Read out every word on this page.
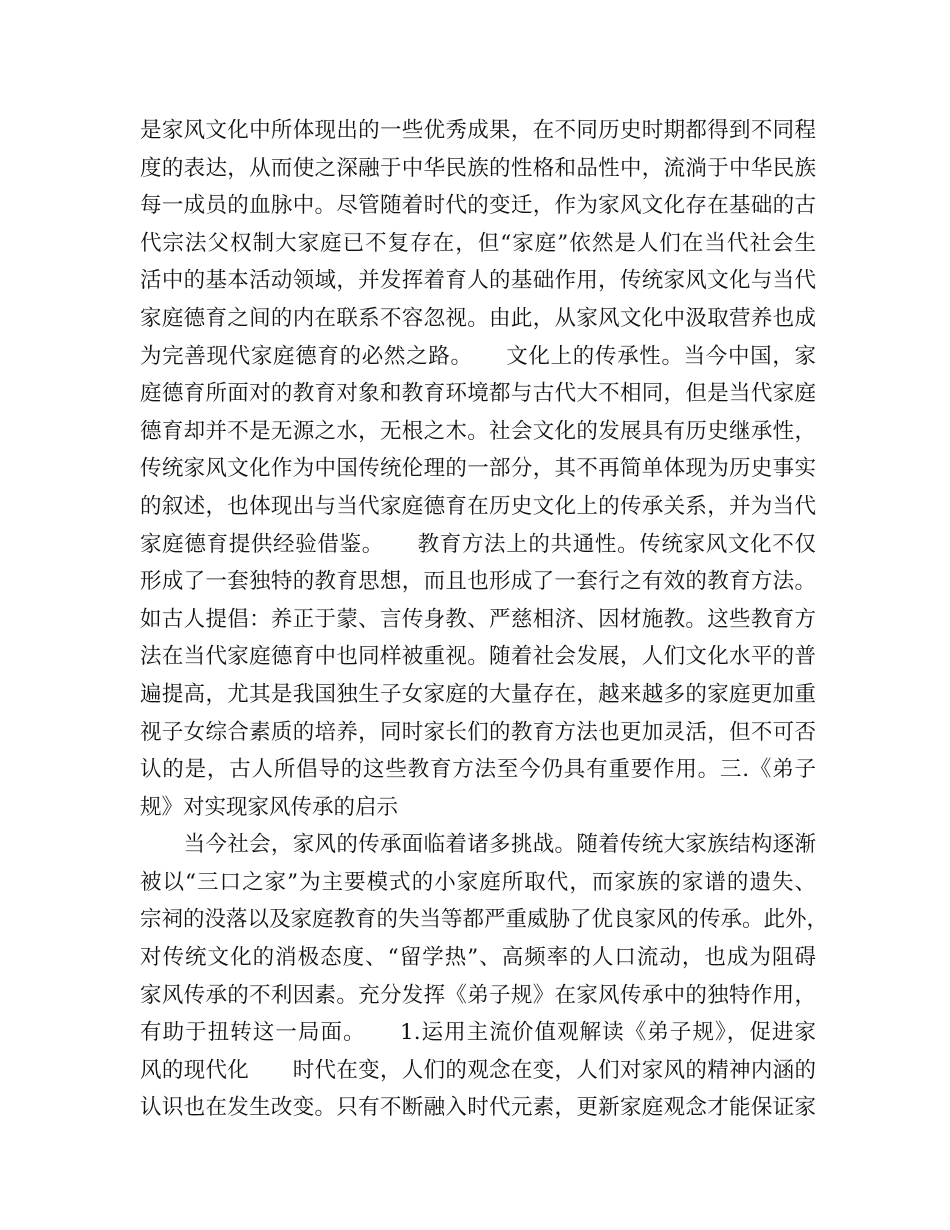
是家风文化中所体现出的一些优秀成果，在不同历史时期都得到不同程
度的表达，从而使之深融于中华民族的性格和品性中，流淌于中华民族
每一成员的血脉中。尽管随着时代的变迁，作为家风文化存在基础的古
代宗法父权制大家庭已不复存在，但“家庭”依然是人们在当代社会生
活中的基本活动领域，并发挥着育人的基础作用，传统家风文化与当代
家庭德育之间的内在联系不容忽视。由此，从家风文化中汲取营养也成
为完善现代家庭德育的必然之路。　　文化上的传承性。当今中国，家
庭德育所面对的教育对象和教育环境都与古代大不相同，但是当代家庭
德育却并不是无源之水，无根之木。社会文化的发展具有历史继承性，
传统家风文化作为中国传统伦理的一部分，其不再简单体现为历史事实
的叙述，也体现出与当代家庭德育在历史文化上的传承关系，并为当代
家庭德育提供经验借鉴。　　教育方法上的共通性。传统家风文化不仅
形成了一套独特的教育思想，而且也形成了一套行之有效的教育方法。
如古人提倡：养正于蒙、言传身教、严慈相济、因材施教。这些教育方
法在当代家庭德育中也同样被重视。随着社会发展，人们文化水平的普
遍提高，尤其是我国独生子女家庭的大量存在，越来越多的家庭更加重
视子女综合素质的培养，同时家长们的教育方法也更加灵活，但不可否
认的是，古人所倡导的这些教育方法至今仍具有重要作用。三.《弟子
规》对实现家风传承的启示
　　当今社会，家风的传承面临着诸多挑战。随着传统大家族结构逐渐
被以“三口之家”为主要模式的小家庭所取代，而家族的家谱的遗失、
宗祠的没落以及家庭教育的失当等都严重威胁了优良家风的传承。此外，
对传统文化的消极态度、“留学热”、高频率的人口流动，也成为阻碍
家风传承的不利因素。充分发挥《弟子规》在家风传承中的独特作用，
有助于扭转这一局面。　　1.运用主流价值观解读《弟子规》，促进家
风的现代化　　时代在变，人们的观念在变，人们对家风的精神内涵的
认识也在发生改变。只有不断融入时代元素，更新家庭观念才能保证家
